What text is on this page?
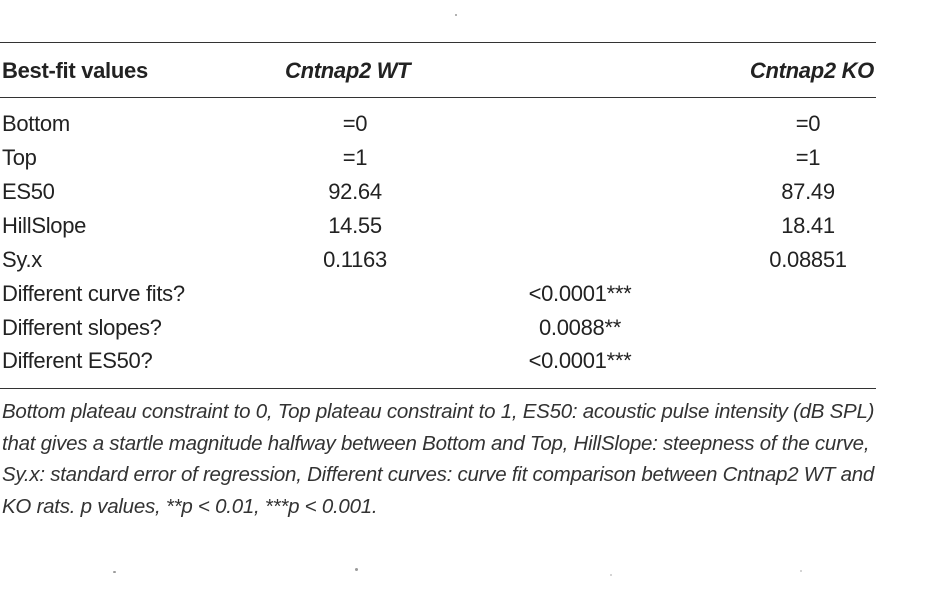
Best-fit values	Cntnap2 WT	Cntnap2 KO
Bottom	=0	=0
Top	=1	=1
ES50	92.64	87.49
HillSlope	14.55	18.41
Sy.x	0.1163	0.08851
Different curve fits?	<0.0001***
Different slopes?	0.0088**
Different ES50?	<0.0001***

Bottom plateau constraint to 0, Top plateau constraint to 1, ES50: acoustic pulse intensity (dB SPL) that gives a startle magnitude halfway between Bottom and Top, HillSlope: steepness of the curve, Sy.x: standard error of regression, Different curves: curve fit comparison between Cntnap2 WT and KO rats. p values, **p < 0.01, ***p < 0.001.
